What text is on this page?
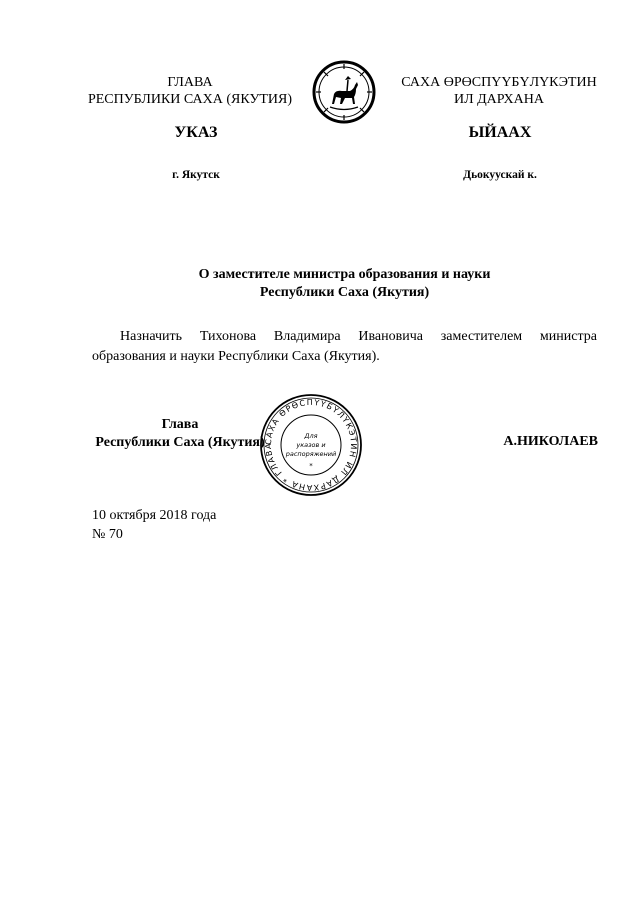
ГЛАВА
РЕСПУБЛИКИ САХА (ЯКУТИЯ)
САХА ӨРӨСПҮҮБҮЛҮКЭТИН
ИЛ ДАРХАНА
УКАЗ	ЫЙААХ
г. Якутск	Дьокуускай к.
О заместителе министра образования и науки
Республики Саха (Якутия)
Назначить Тихонова Владимира Ивановича заместителем министра образования и науки Республики Саха (Якутия).
Глава
Республики Саха (Якутия) САХА ӨРӨСПҮҮБҮЛҮКЭТИН ИЛ ДАРХАНА * ГЛАВА
Для
указов и
распоряжений
*
А.НИКОЛАЕВ
10 октября 2018 года
№ 70
